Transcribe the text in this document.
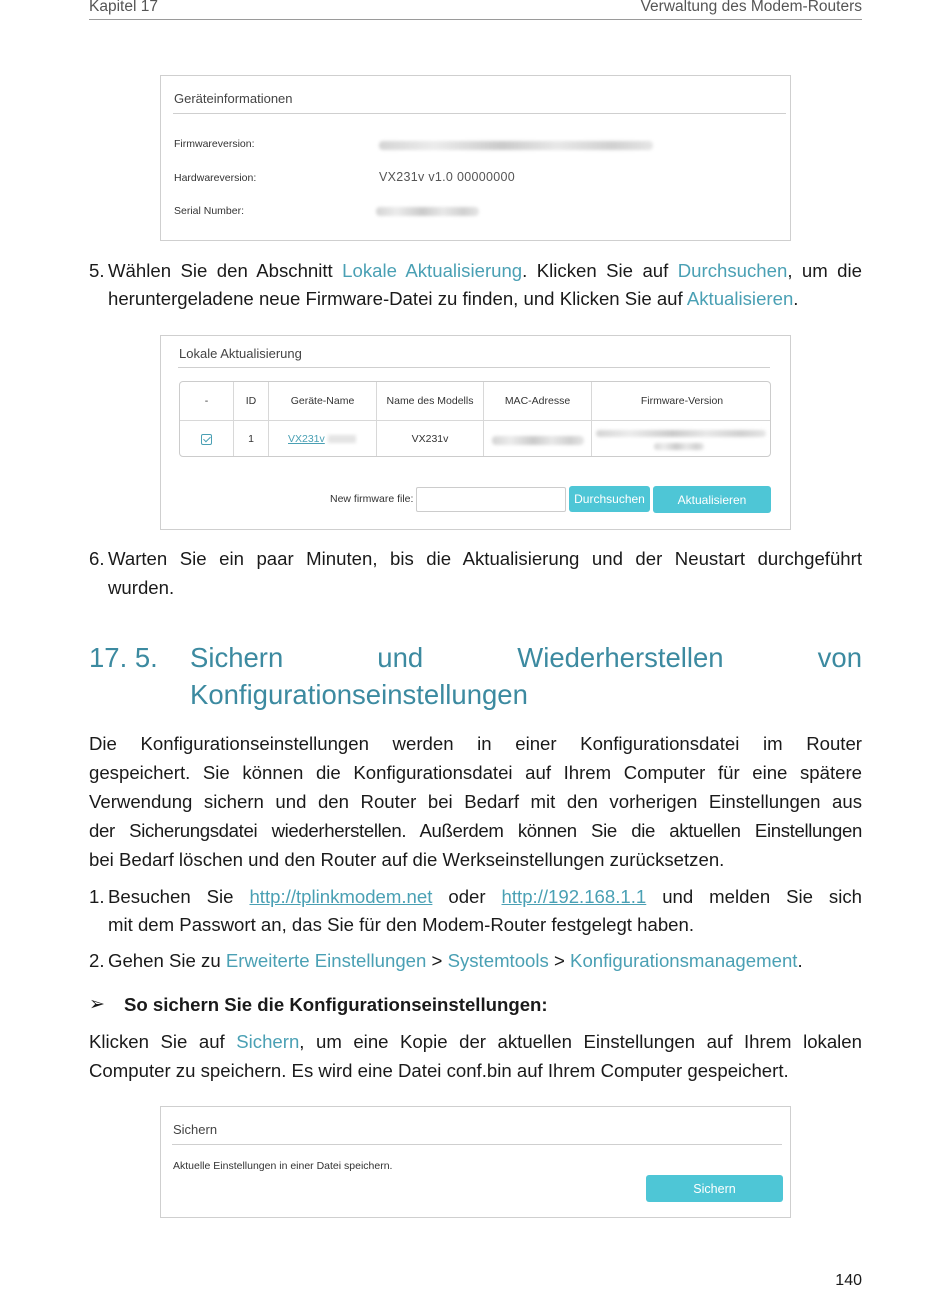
Kapitel 17	Verwaltung des Modem-Routers
Geräteinformationen
Firmwareversion:
Hardwareversion:	VX231v v1.0 00000000
Serial Number:
5. Wählen Sie den Abschnitt Lokale Aktualisierung. Klicken Sie auf Durchsuchen, um die
heruntergeladene neue Firmware-Datei zu finden, und Klicken Sie auf Aktualisieren.
Lokale Aktualisierung
-	ID	Geräte-Name	Name des Modells	MAC-Adresse	Firmware-Version
	1	VX231v	VX231v	

New firmware file:	Durchsuchen	Aktualisieren
6. Warten Sie ein paar Minuten, bis die Aktualisierung und der Neustart durchgeführt
wurden.
17. 5. Sichern und Wiederherstellen von
Konfigurationseinstellungen
Die Konfigurationseinstellungen werden in einer Konfigurationsdatei im Router
gespeichert. Sie können die Konfigurationsdatei auf Ihrem Computer für eine spätere
Verwendung sichern und den Router bei Bedarf mit den vorherigen Einstellungen aus
der Sicherungsdatei wiederherstellen. Außerdem können Sie die aktuellen Einstellungen
bei Bedarf löschen und den Router auf die Werkseinstellungen zurücksetzen.
1. Besuchen Sie http://tplinkmodem.net oder http://192.168.1.1 und melden Sie sich
mit dem Passwort an, das Sie für den Modem-Router festgelegt haben.
2. Gehen Sie zu Erweiterte Einstellungen > Systemtools > Konfigurationsmanagement.
➢ So sichern Sie die Konfigurationseinstellungen:
Klicken Sie auf Sichern, um eine Kopie der aktuellen Einstellungen auf Ihrem lokalen
Computer zu speichern. Es wird eine Datei conf.bin auf Ihrem Computer gespeichert.
Sichern
Aktuelle Einstellungen in einer Datei speichern.
Sichern
140
